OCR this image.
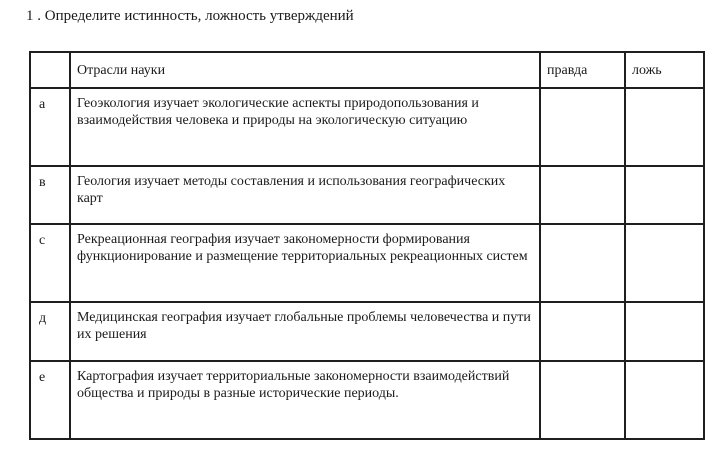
1 . Определите истинность, ложность утверждений

	Отрасли науки	правда	ложь

а	Геоэкология изучает экологические аспекты природопользования и взаимодействия человека и природы на экологическую ситуацию		

в	Геология изучает методы составления и использования географических карт		

с	Рекреационная география изучает закономерности формирования функционирование и размещение территориальных рекреационных систем		

д	Медицинская география изучает глобальные проблемы человечества и пути их решения		

е	Картография изучает территориальные закономерности взаимодействий общества и природы в разные исторические периоды.		
